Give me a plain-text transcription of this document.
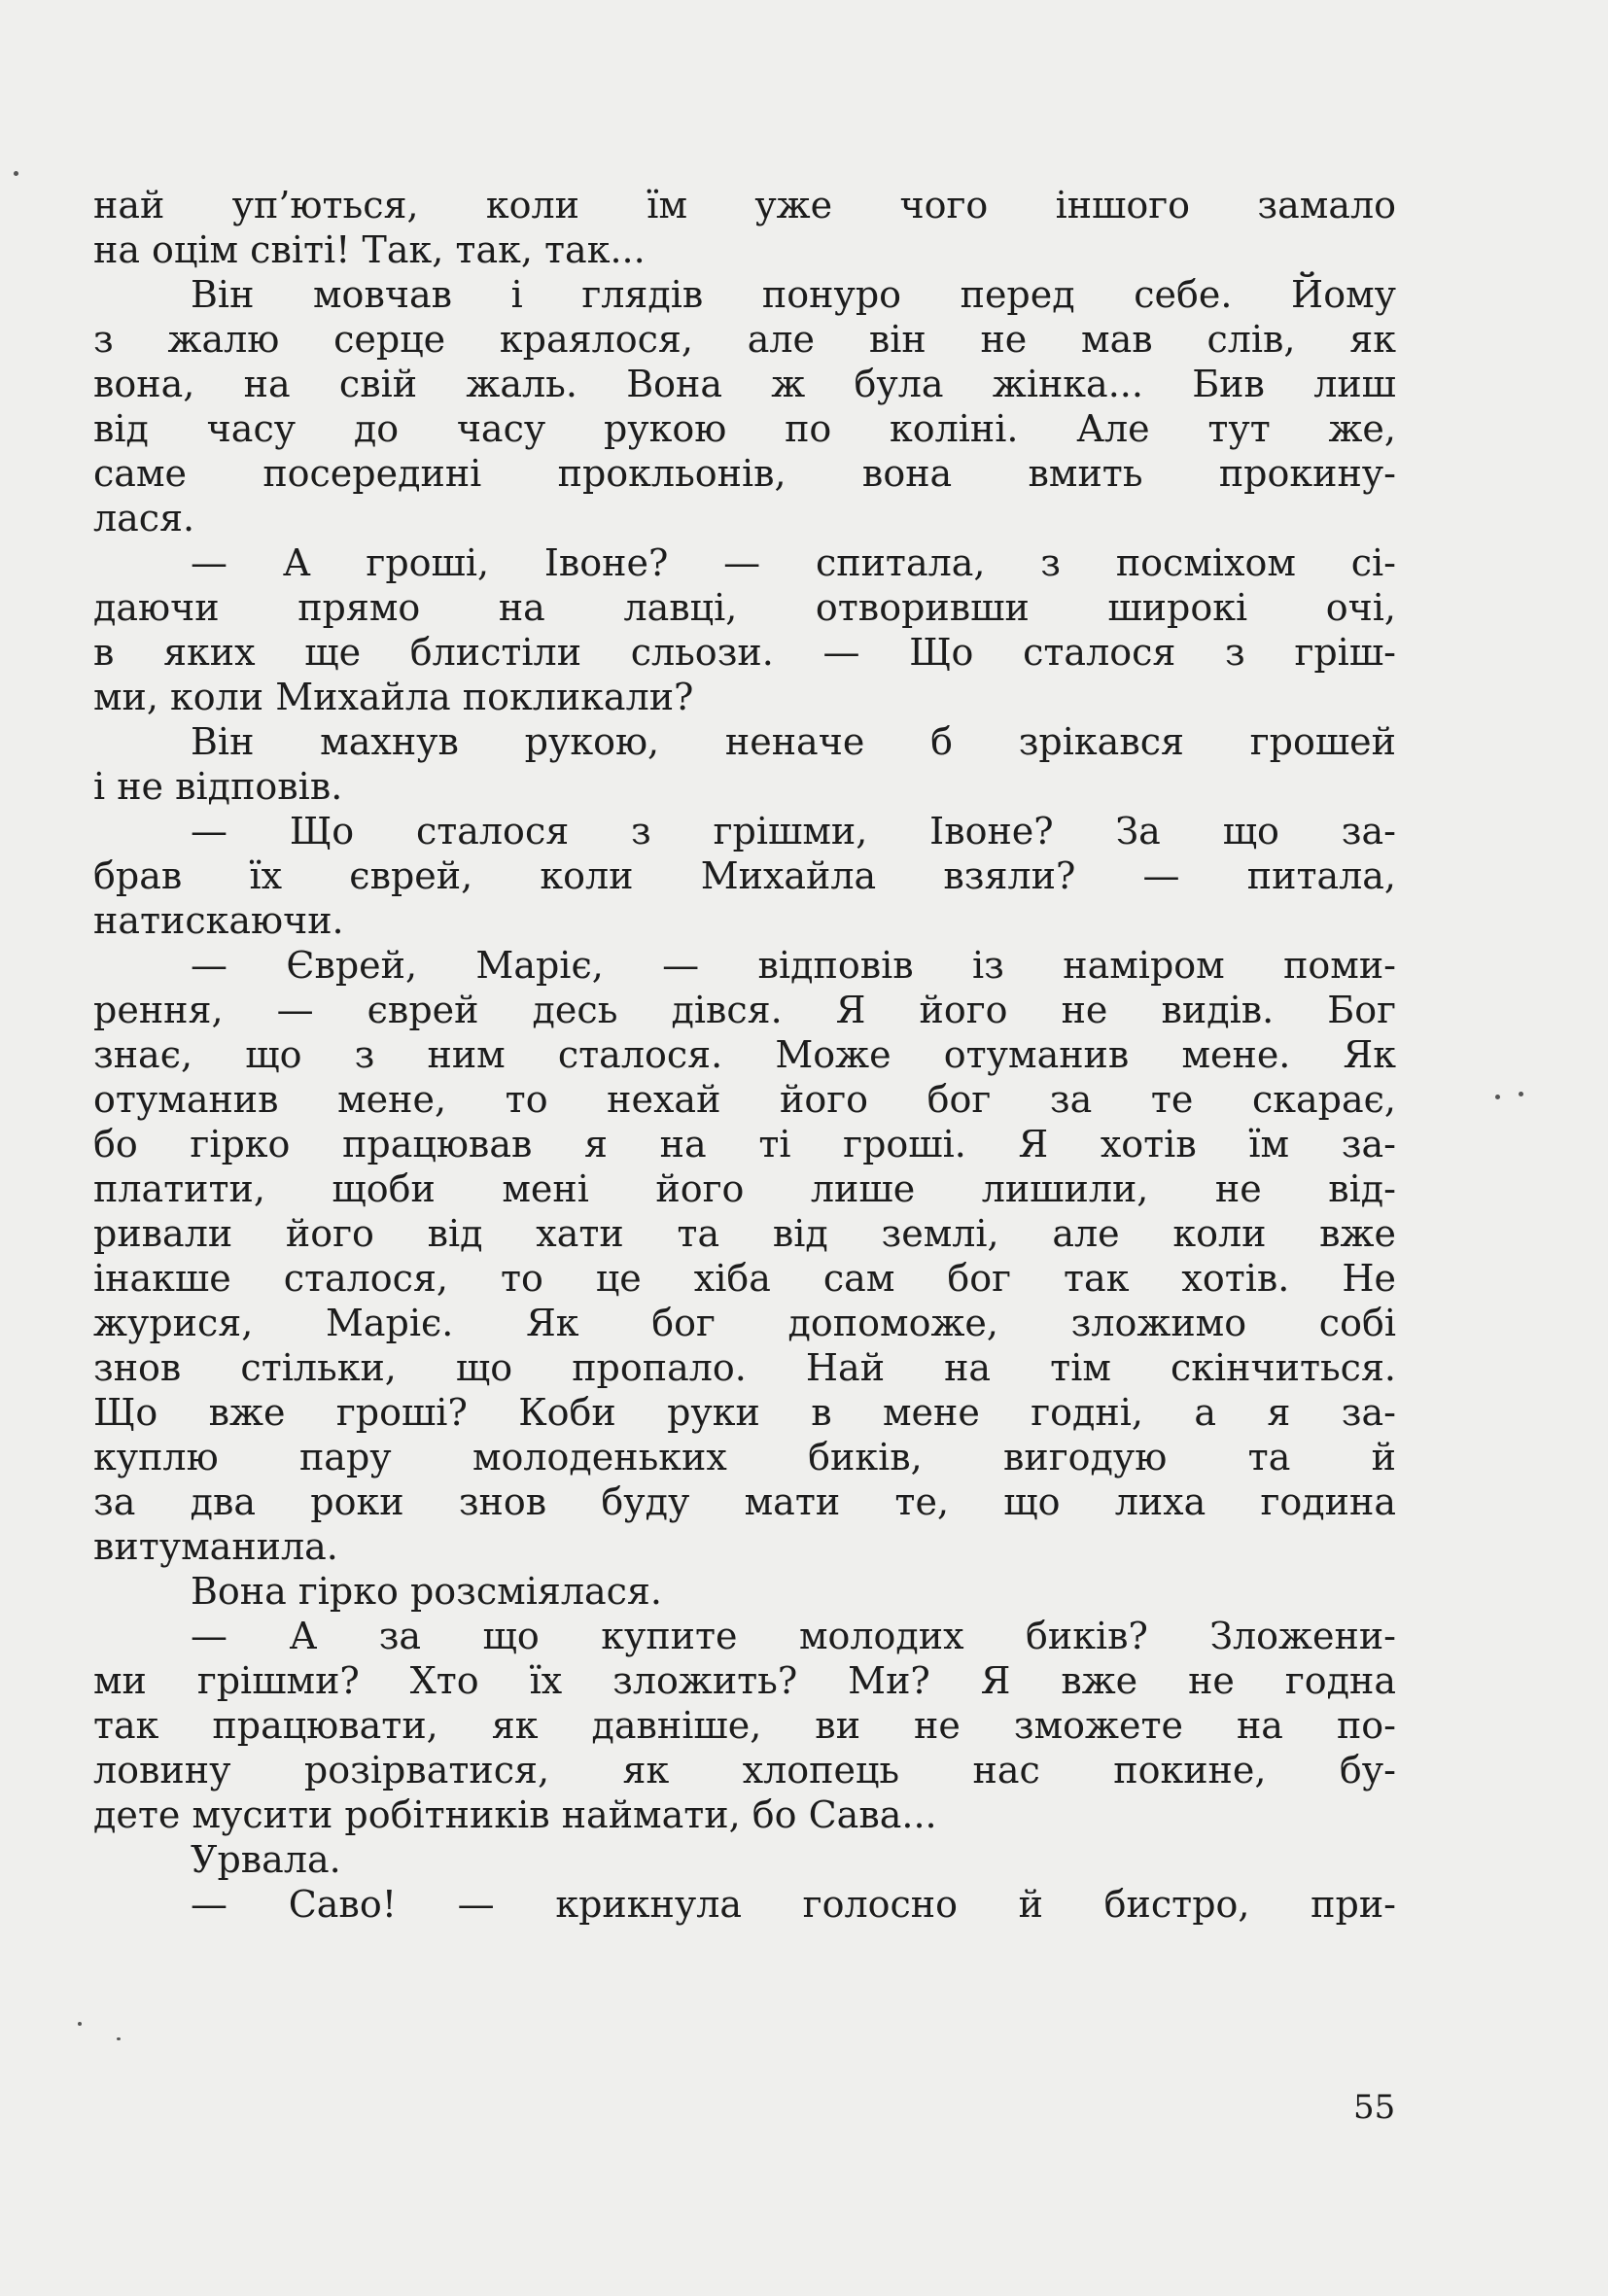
най уп’ються, коли їм уже чого іншого замало
на оцім світі! Так, так, так...
Він мовчав і глядів понуро перед себе. Йому
з жалю серце краялося, але він не мав слів, як
вона, на свій жаль. Вона ж була жінка... Бив лиш
від часу до часу рукою по коліні. Але тут же,
саме посередині прокльонів, вона вмить прокину-
лася.
— А гроші, Івоне? — спитала, з посміхом сі-
даючи прямо на лавці, отворивши широкі очі,
в яких ще блистіли сльози. — Що сталося з гріш-
ми, коли Михайла покликали?
Він махнув рукою, неначе б зрікався грошей
і не відповів.
— Що сталося з грішми, Івоне? За що за-
брав їх єврей, коли Михайла взяли? — питала,
натискаючи.
— Єврей, Маріє, — відповів із наміром поми-
рення, — єврей десь дівся. Я його не видів. Бог
знає, що з ним сталося. Може отуманив мене. Як
отуманив мене, то нехай його бог за те скарає,
бо гірко працював я на ті гроші. Я хотів їм за-
платити, щоби мені його лише лишили, не від-
ривали його від хати та від землі, але коли вже
інакше сталося, то це хіба сам бог так хотів. Не
журися, Маріє. Як бог допоможе, зложимо собі
знов стільки, що пропало. Най на тім скінчиться.
Що вже гроші? Коби руки в мене годні, а я за-
куплю пару молоденьких биків, вигодую та й
за два роки знов буду мати те, що лиха година
витуманила.
Вона гірко розсміялася.
— А за що купите молодих биків? Зложени-
ми грішми? Хто їх зложить? Ми? Я вже не годна
так працювати, як давніше, ви не зможете на по-
ловину розірватися, як хлопець нас покине, бу-
дете мусити робітників наймати, бо Сава...
Урвала.
— Саво! — крикнула голосно й бистро, при-
55
